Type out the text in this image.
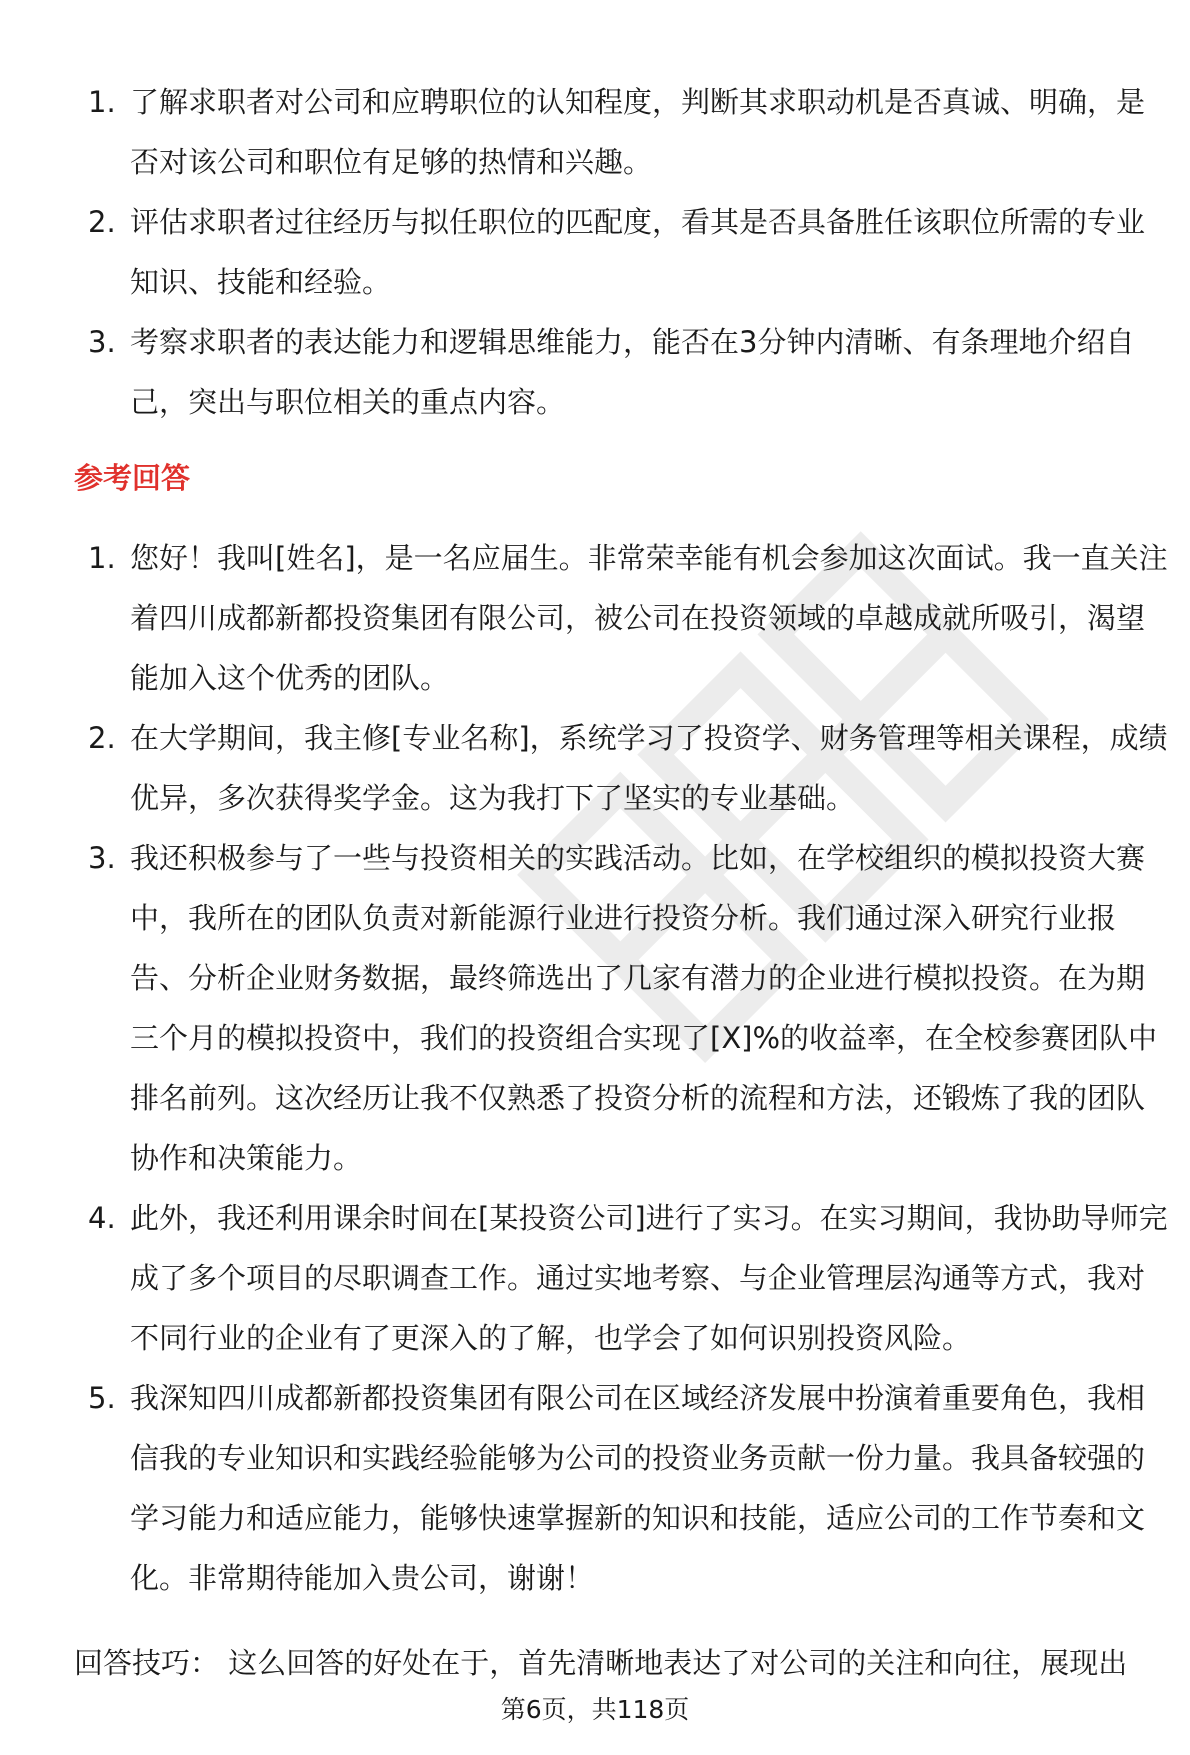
1. 了解求职者对公司和应聘职位的认知程度，判断其求职动机是否真诚、明确，是否对该公司和职位有足够的热情和兴趣。
2. 评估求职者过往经历与拟任职位的匹配度，看其是否具备胜任该职位所需的专业知识、技能和经验。
3. 考察求职者的表达能力和逻辑思维能力，能否在3分钟内清晰、有条理地介绍自己，突出与职位相关的重点内容。
参考回答
1. 您好！我叫[姓名]，是一名应届生。非常荣幸能有机会参加这次面试。我一直关注着四川成都新都投资集团有限公司，被公司在投资领域的卓越成就所吸引，渴望能加入这个优秀的团队。
2. 在大学期间，我主修[专业名称]，系统学习了投资学、财务管理等相关课程，成绩优异，多次获得奖学金。这为我打下了坚实的专业基础。
3. 我还积极参与了一些与投资相关的实践活动。比如，在学校组织的模拟投资大赛中，我所在的团队负责对新能源行业进行投资分析。我们通过深入研究行业报告、分析企业财务数据，最终筛选出了几家有潜力的企业进行模拟投资。在为期三个月的模拟投资中，我们的投资组合实现了[X]%的收益率，在全校参赛团队中排名前列。这次经历让我不仅熟悉了投资分析的流程和方法，还锻炼了我的团队协作和决策能力。
4. 此外，我还利用课余时间在[某投资公司]进行了实习。在实习期间，我协助导师完成了多个项目的尽职调查工作。通过实地考察、与企业管理层沟通等方式，我对不同行业的企业有了更深入的了解，也学会了如何识别投资风险。
5. 我深知四川成都新都投资集团有限公司在区域经济发展中扮演着重要角色，我相信我的专业知识和实践经验能够为公司的投资业务贡献一份力量。我具备较强的学习能力和适应能力，能够快速掌握新的知识和技能，适应公司的工作节奏和文化。非常期待能加入贵公司，谢谢！
回答技巧： 这么回答的好处在于，首先清晰地表达了对公司的关注和向往，展现出
第6页，共118页
